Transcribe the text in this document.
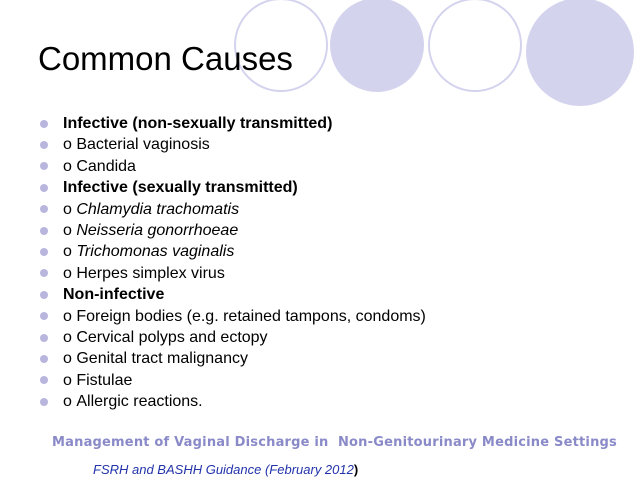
Common Causes
Infective (non-sexually transmitted)
o Bacterial vaginosis
o Candida
Infective (sexually transmitted)
o Chlamydia trachomatis
o Neisseria gonorrhoeae
o Trichomonas vaginalis
o Herpes simplex virus
Non-infective
o Foreign bodies (e.g. retained tampons, condoms)
o Cervical polyps and ectopy
o Genital tract malignancy
o Fistulae
o Allergic reactions.
Management of Vaginal Discharge in  Non-Genitourinary Medicine Settings
FSRH and BASHH Guidance (February 2012)
